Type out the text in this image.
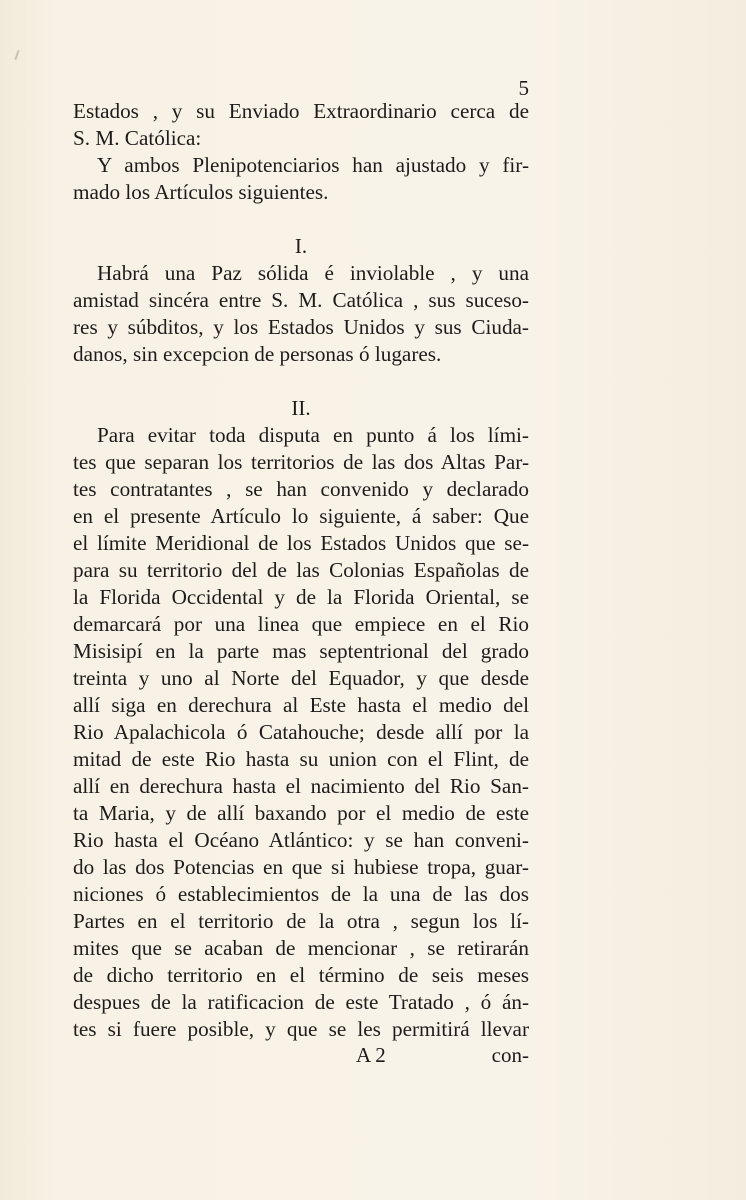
5
Estados , y su Enviado Extraordinario cerca de
S. M. Católica:
Y ambos Plenipotenciarios han ajustado y fir-
mado los Artículos siguientes.
I.
Habrá una Paz sólida é inviolable , y una
amistad sincéra entre S. M. Católica , sus suceso-
res y súbditos, y los Estados Unidos y sus Ciuda-
danos, sin excepcion de personas ó lugares.
II.
Para evitar toda disputa en punto á los lími-
tes que separan los territorios de las dos Altas Par-
tes contratantes , se han convenido y declarado
en el presente Artículo lo siguiente, á saber: Que
el límite Meridional de los Estados Unidos que se-
para su territorio del de las Colonias Españolas de
la Florida Occidental y de la Florida Oriental, se
demarcará por una linea que empiece en el Rio
Misisipí en la parte mas septentrional del grado
treinta y uno al Norte del Equador, y que desde
allí siga en derechura al Este hasta el medio del
Rio Apalachicola ó Catahouche; desde allí por la
mitad de este Rio hasta su union con el Flint, de
allí en derechura hasta el nacimiento del Rio San-
ta Maria, y de allí baxando por el medio de este
Rio hasta el Océano Atlántico: y se han conveni-
do las dos Potencias en que si hubiese tropa, guar-
niciones ó establecimientos de la una de las dos
Partes en el territorio de la otra , segun los lí-
mites que se acaban de mencionar , se retirarán
de dicho territorio en el término de seis meses
despues de la ratificacion de este Tratado , ó án-
tes si fuere posible, y que se les permitirá llevar
A 2	con-
